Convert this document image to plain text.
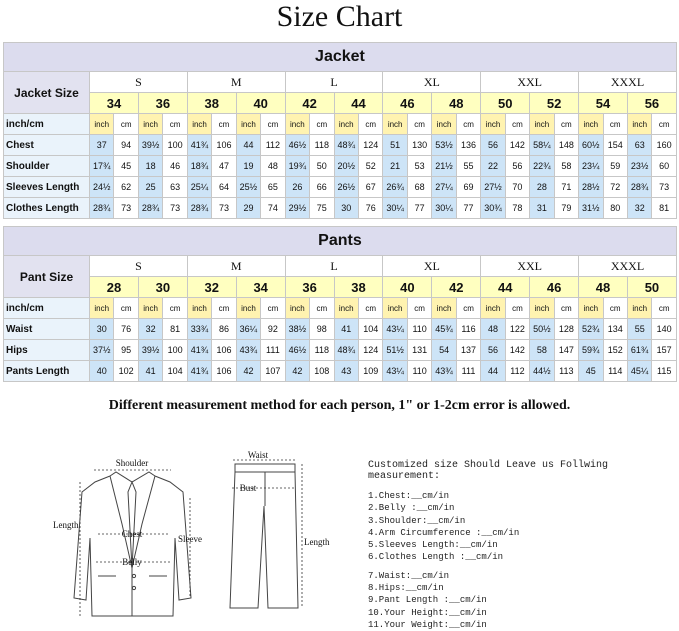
Size Chart
Jacket																								
Jacket Size	S				M				L				XL				XXL				XXXL			
	34		36		38		40		42		44		46		48		50		52		54		56	
inch/cm	inch	cm	inch	cm	inch	cm	inch	cm	inch	cm	inch	cm	inch	cm	inch	cm	inch	cm	inch	cm	inch	cm	inch	cm
Chest	37	94	39½	100	41¾	106	44	112	46½	118	48¾	124	51	130	53½	136	56	142	58¼	148	60½	154	63	160
Shoulder	17¾	45	18	46	18¾	47	19	48	19¾	50	20½	52	21	53	21½	55	22	56	22¾	58	23¼	59	23½	60
Sleeves Length	24½	62	25	63	25¼	64	25½	65	26	66	26½	67	26¾	68	27¼	69	27½	70	28	71	28½	72	28¾	73
Clothes Length	28¾	73	28¾	73	28¾	73	29	74	29½	75	30	76	30¼	77	30¼	77	30¾	78	31	79	31½	80	32	81
Pants																								
Pant Size	S				M				L				XL				XXL				XXXL			
	28		30		32		34		36		38		40		42		44		46		48		50	
inch/cm	inch	cm	inch	cm	inch	cm	inch	cm	inch	cm	inch	cm	inch	cm	inch	cm	inch	cm	inch	cm	inch	cm	inch	cm
Waist	30	76	32	81	33¾	86	36¼	92	38½	98	41	104	43¼	110	45¾	116	48	122	50½	128	52¾	134	55	140
Hips	37½	95	39½	100	41¾	106	43¾	111	46½	118	48¾	124	51½	131	54	137	56	142	58	147	59¾	152	61¾	157
Pants Length	40	102	41	104	41¾	106	42	107	42	108	43	109	43¼	110	43¾	111	44	112	44½	113	45	114	45¼	115
Different measurement method for each person, 1" or 1-2cm error is allowed.
Shoulder
Length
Chest
Belly
Sleeve
Waist
Bust
Length
Customized size Should Leave us Follwing measurement:
1.Chest:__cm/in
2.Belly :__cm/in
3.Shoulder:__cm/in
4.Arm Circumference :__cm/in
5.Sleeves Length:__cm/in
6.Clothes Length :__cm/in
7.Waist:__cm/in
8.Hips:__cm/in
9.Pant Length :__cm/in
10.Your Height:__cm/in
11.Your Weight:__cm/in
